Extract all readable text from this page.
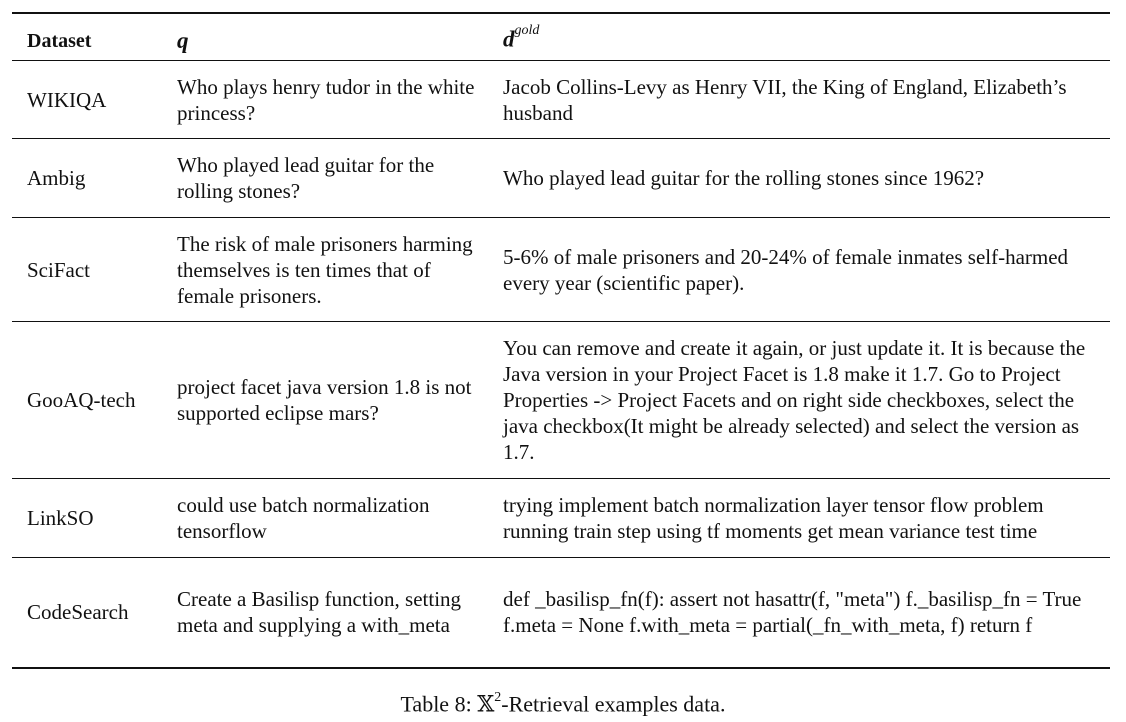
Dataset	q	$d^{gold}$
WIKIQA	Who plays henry tudor in the white princess?	Jacob Collins-Levy as Henry VII, the King of England, Elizabeth’s husband
Ambig	Who played lead guitar for the rolling stones?	Who played lead guitar for the rolling stones since 1962?
SciFact	The risk of male prisoners harming themselves is ten times that of female prisoners.	5-6% of male prisoners and 20-24% of female inmates self-harmed every year (scientific paper).
GooAQ-tech	project facet java version 1.8 is not supported eclipse mars?	You can remove and create it again, or just update it. It is because the Java version in your Project Facet is 1.8 make it 1.7. Go to Project Properties -> Project Facets and on right side checkboxes, select the java checkbox(It might be already selected) and select the version as 1.7.
LinkSO	could use batch normalization tensorflow	trying implement batch normalization layer tensor flow problem running train step using tf moments get mean variance test time
CodeSearch	Create a Basilisp function, setting meta and supplying a with_meta	def _basilisp_fn(f): assert not hasattr(f, "meta") f._basilisp_fn = True f.meta = None f.with_meta = partial(_fn_with_meta, f) return f
Table 8: 𝕏$^2$-Retrieval examples data.
